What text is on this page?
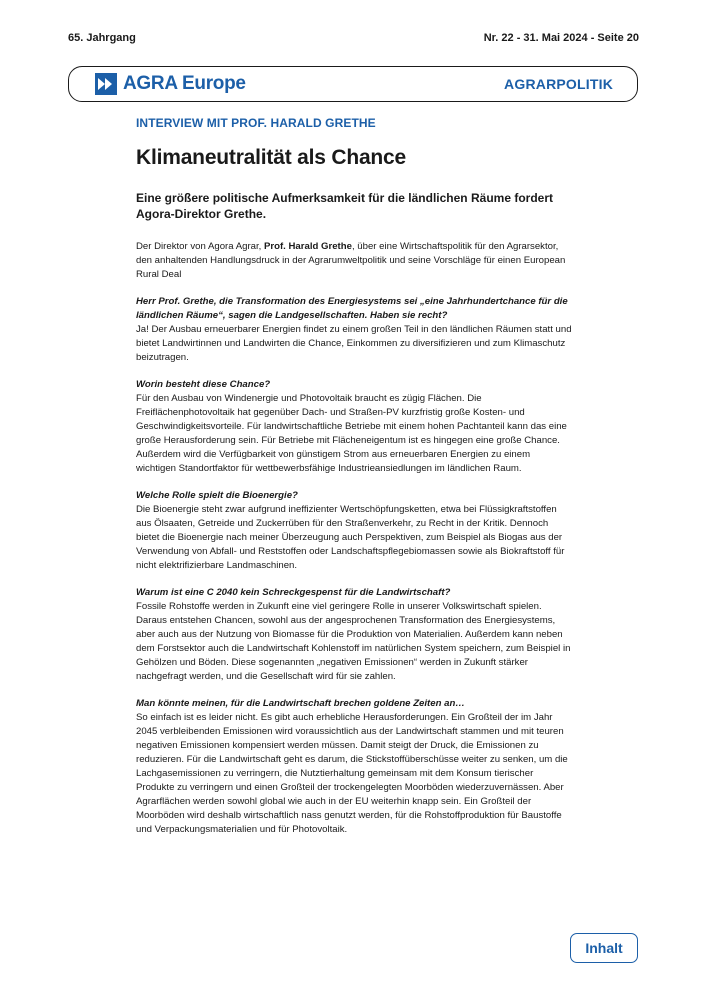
65. Jahrgang	Nr. 22 - 31. Mai 2024 - Seite 20
AGRA Europe	AGRARPOLITIK

INTERVIEW MIT PROF. HARALD GRETHE

Klimaneutralität als Chance

Eine größere politische Aufmerksamkeit für die ländlichen Räume fordert Agora-Direktor Grethe.

Der Direktor von Agora Agrar, Prof. Harald Grethe, über eine Wirtschaftspolitik für den Agrarsektor, den anhaltenden Handlungsdruck in der Agrarumweltpolitik und seine Vorschläge für einen European Rural Deal

Herr Prof. Grethe, die Transformation des Energiesystems sei „eine Jahrhundertchance für die ländlichen Räume“, sagen die Landgesellschaften. Haben sie recht?

Ja! Der Ausbau erneuerbarer Energien findet zu einem großen Teil in den ländlichen Räumen statt und bietet Landwirtinnen und Landwirten die Chance, Einkommen zu diversifizieren und zum Klimaschutz beizutragen.

Worin besteht diese Chance?

Für den Ausbau von Windenergie und Photovoltaik braucht es zügig Flächen. Die Freiflächenphotovoltaik hat gegenüber Dach- und Straßen-PV kurzfristig große Kosten- und Geschwindigkeitsvorteile. Für landwirtschaftliche Betriebe mit einem hohen Pachtanteil kann das eine große Herausforderung sein. Für Betriebe mit Flächeneigentum ist es hingegen eine große Chance. Außerdem wird die Verfügbarkeit von günstigem Strom aus erneuerbaren Energien zu einem wichtigen Standortfaktor für wettbewerbsfähige Industrieansiedlungen im ländlichen Raum.

Welche Rolle spielt die Bioenergie?

Die Bioenergie steht zwar aufgrund ineffizienter Wertschöpfungsketten, etwa bei Flüssigkraftstoffen aus Ölsaaten, Getreide und Zuckerrüben für den Straßenverkehr, zu Recht in der Kritik. Dennoch bietet die Bioenergie nach meiner Überzeugung auch Perspektiven, zum Beispiel als Biogas aus der Verwendung von Abfall- und Reststoffen oder Landschaftspflegebiomassen sowie als Biokraftstoff für nicht elektrifizierbare Landmaschinen.

Warum ist eine C 2040 kein Schreckgespenst für die Landwirtschaft?

Fossile Rohstoffe werden in Zukunft eine viel geringere Rolle in unserer Volkswirtschaft spielen. Daraus entstehen Chancen, sowohl aus der angesprochenen Transformation des Energiesystems, aber auch aus der Nutzung von Biomasse für die Produktion von Materialien. Außerdem kann neben dem Forstsektor auch die Landwirtschaft Kohlenstoff im natürlichen System speichern, zum Beispiel in Gehölzen und Böden. Diese sogenannten „negativen Emissionen“ werden in Zukunft stärker nachgefragt werden, und die Gesellschaft wird für sie zahlen.

Man könnte meinen, für die Landwirtschaft brechen goldene Zeiten an…

So einfach ist es leider nicht. Es gibt auch erhebliche Herausforderungen. Ein Großteil der im Jahr 2045 verbleibenden Emissionen wird voraussichtlich aus der Landwirtschaft stammen und mit teuren negativen Emissionen kompensiert werden müssen. Damit steigt der Druck, die Emissionen zu reduzieren. Für die Landwirtschaft geht es darum, die Stickstoffüberschüsse weiter zu senken, um die Lachgasemissionen zu verringern, die Nutztierhaltung gemeinsam mit dem Konsum tierischer Produkte zu verringern und einen Großteil der trockengelegten Moorböden wiederzuvernässen. Aber Agrarflächen werden sowohl global wie auch in der EU weiterhin knapp sein. Ein Großteil der Moorböden wird deshalb wirtschaftlich nass genutzt werden, für die Rohstoffproduktion für Baustoffe und Verpackungsmaterialien und für Photovoltaik.

Inhalt
